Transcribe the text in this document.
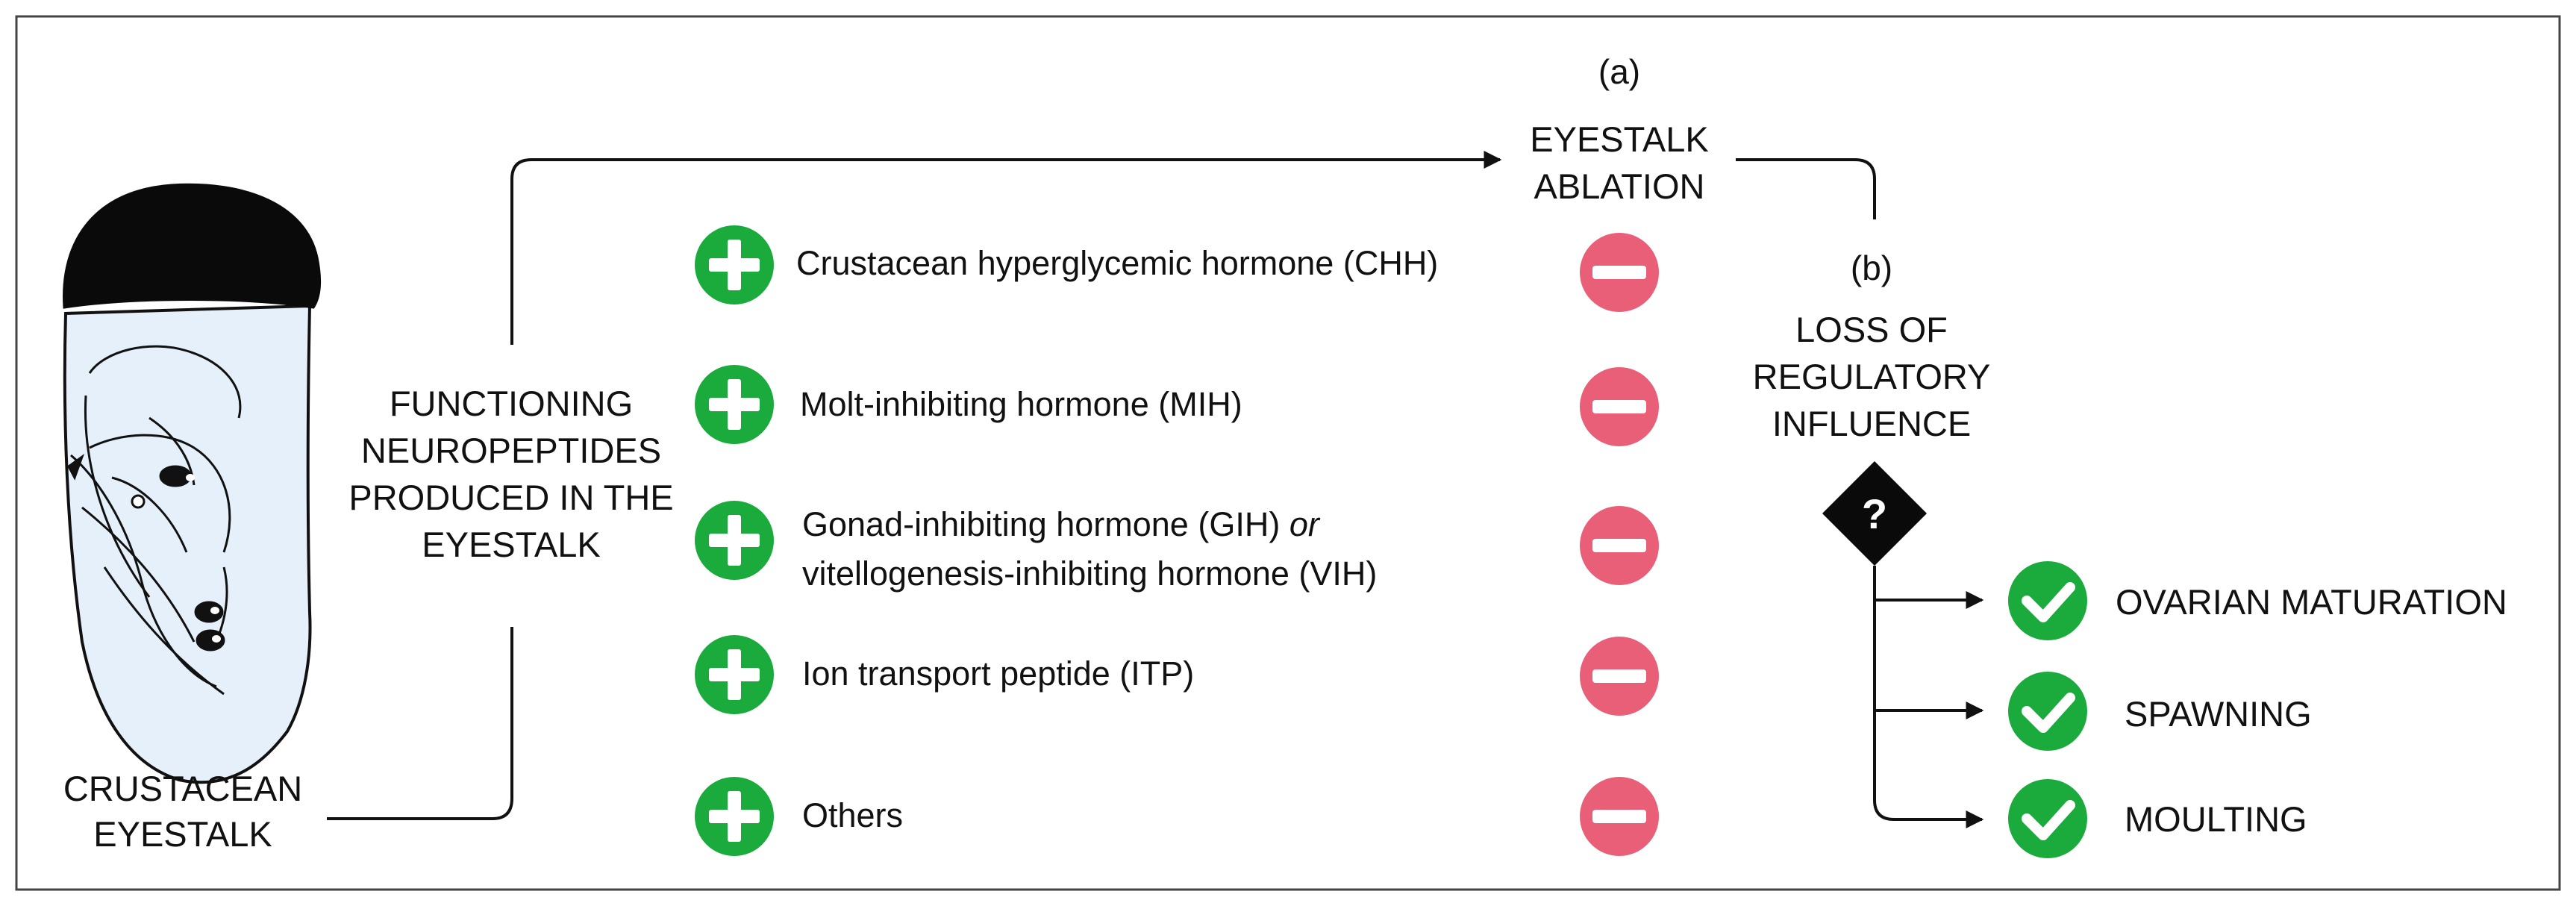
CRUSTACEAN
EYESTALK
FUNCTIONING
NEUROPEPTIDES
PRODUCED IN THE
EYESTALK
Crustacean hyperglycemic hormone (CHH)
Molt-inhibiting hormone (MIH)
Gonad-inhibiting hormone (GIH) or
vitellogenesis-inhibiting hormone (VIH)
Ion transport peptide (ITP)
Others
(a)
EYESTALK
ABLATION
(b)
LOSS OF
REGULATORY
INFLUENCE
?
OVARIAN MATURATION
SPAWNING
MOULTING
